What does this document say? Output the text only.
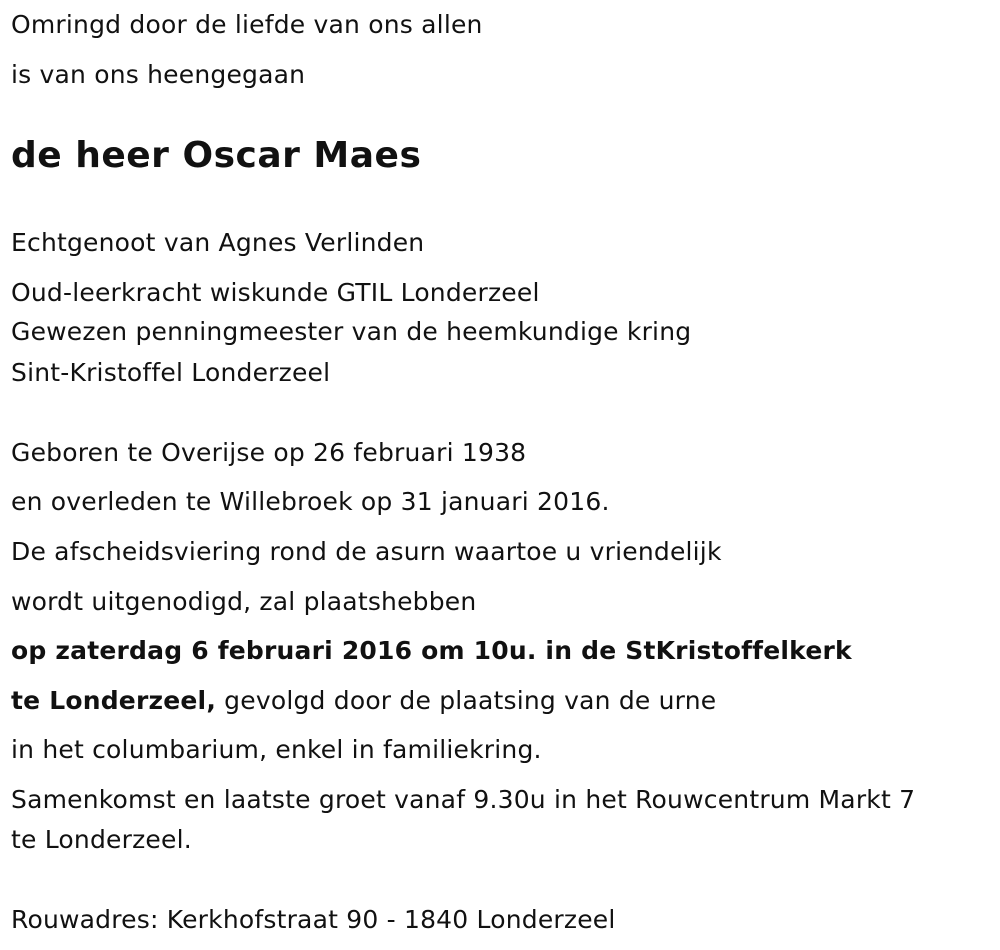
Omringd door de liefde van ons allen
is van ons heengegaan
de heer Oscar Maes
Echtgenoot van Agnes Verlinden
Oud-leerkracht wiskunde GTIL Londerzeel
Gewezen penningmeester van de heemkundige kring
Sint-Kristoffel Londerzeel
Geboren te Overijse op 26 februari 1938
en overleden te Willebroek op 31 januari 2016.
De afscheidsviering rond de asurn waartoe u vriendelijk
wordt uitgenodigd, zal plaatshebben
op zaterdag 6 februari 2016 om 10u. in de StKristoffelkerk
te Londerzeel, gevolgd door de plaatsing van de urne
in het columbarium, enkel in familiekring.
Samenkomst en laatste groet vanaf 9.30u in het Rouwcentrum Markt 7
te Londerzeel.
Rouwadres: Kerkhofstraat 90 - 1840 Londerzeel
